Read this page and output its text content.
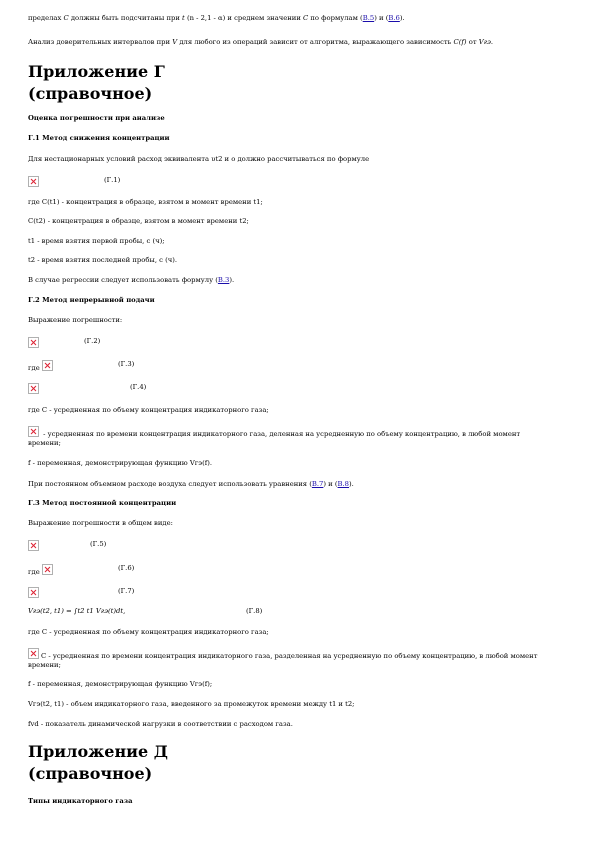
пределах C должны быть подсчитаны при t (n - 2,1 - α) и среднем значении C по формулам (В.5) и (В.6).
Анализ доверительных интервалов при V для любого из операций зависит от алгоритма, выражающего зависимость C(f) от Vгэ.
Приложение Г
(справочное)
Оценка погрешности при анализе
Г.1 Метод снижения концентрации
Для нестационарных условий расход эквивалента υt2 и o должно рассчитываться по формуле
(Г.1)
где C(t1) - концентрация в образце, взятом в момент времени t1;
C(t2) - концентрация в образце, взятом в момент времени t2;
t1 - время взятия первой пробы, с (ч);
t2 - время взятия последней пробы, с (ч).
В случае регрессии следует использовать формулу (В.3).
Г.2 Метод непрерывной подачи
Выражение погрешности:
(Г.2)
где	(Г.3)
(Г.4)
где C - усредненная по объему концентрация индикаторного газа;
- усредненная по времени концентрация индикаторного газа, деленная на усредненную по объему концентрацию, в любой момент времени;
f - переменная, демонстрирующая функцию Vгэ(f).
При постоянном объемном расходе воздуха следует использовать уравнения (В.7) и (В.8).
Г.3 Метод постоянной концентрации
Выражение погрешности в общем виде:
(Г.5)
где	(Г.6)
(Г.7)
Vгэ(t2, t1) = ∫t2 t1 Vгэ(t)dt,	(Г.8)
где C - усредненная по объему концентрация индикаторного газа;
C - усредненная по времени концентрация индикаторного газа, разделенная на усредненную по объему концентрацию, в любой момент времени;
f - переменная, демонстрирующая функцию Vгэ(f);
Vгэ(t2, t1) - объем индикаторного газа, введенного за промежуток времени между t1 и t2;
fvd - показатель динамической нагрузки в соответствии с расходом газа.
Приложение Д
(справочное)
Типы индикаторного газа
